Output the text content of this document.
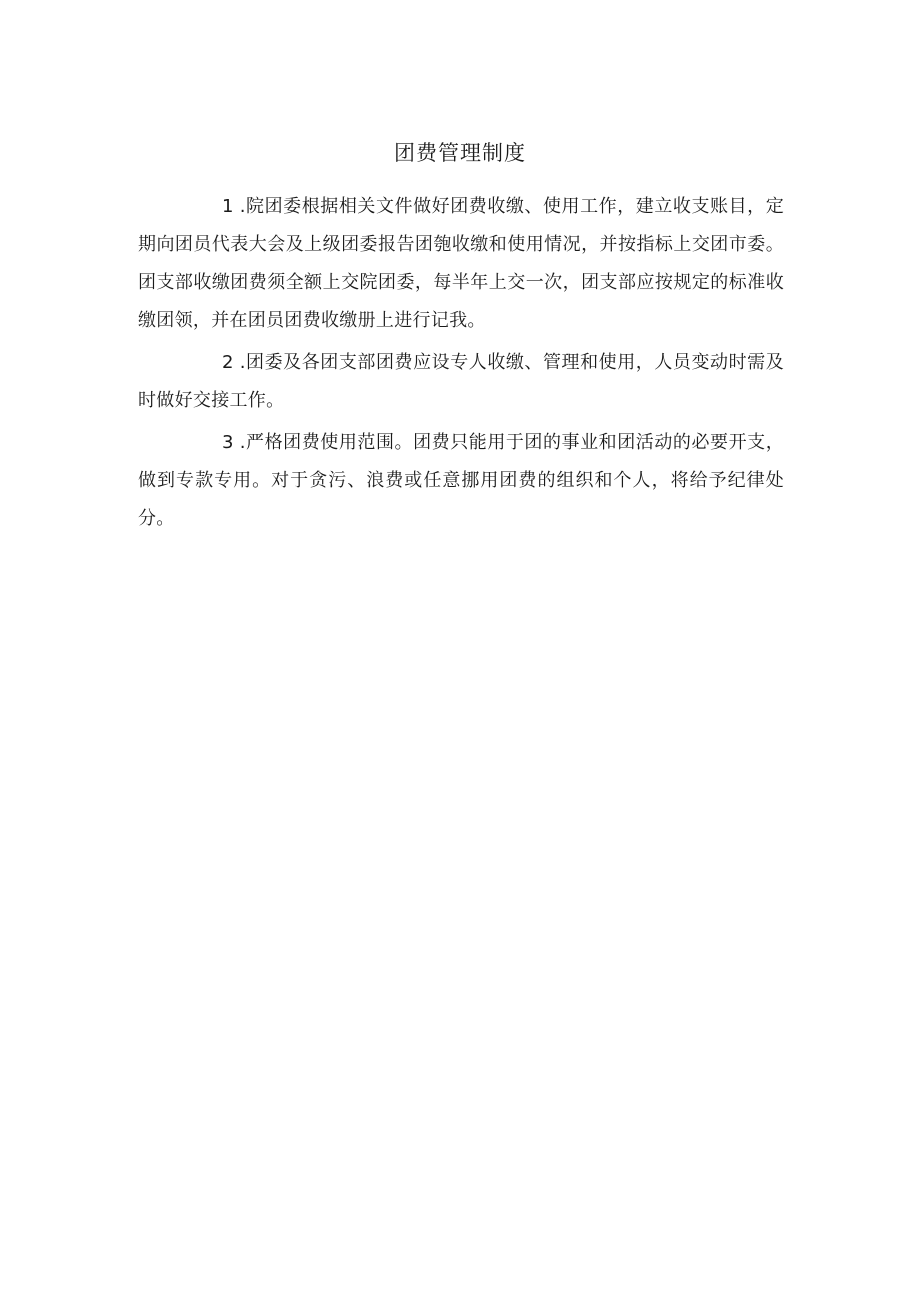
团费管理制度

1 .院团委根据相关文件做好团费收缴、使用工作，建立收支账目，定期向团员代表大会及上级团委报告团匏收缴和使用情况，并按指标上交团市委。团支部收缴团费须全额上交院团委，每半年上交一次，团支部应按规定的标准收缴团领，并在团员团费收缴册上进行记我。

2 .团委及各团支部团费应设专人收缴、管理和使用，人员变动时需及时做好交接工作。

3 .严格团费使用范围。团费只能用于团的事业和团活动的必要开支，做到专款专用。对于贪污、浪费或任意挪用团费的组织和个人，将给予纪律处分。
